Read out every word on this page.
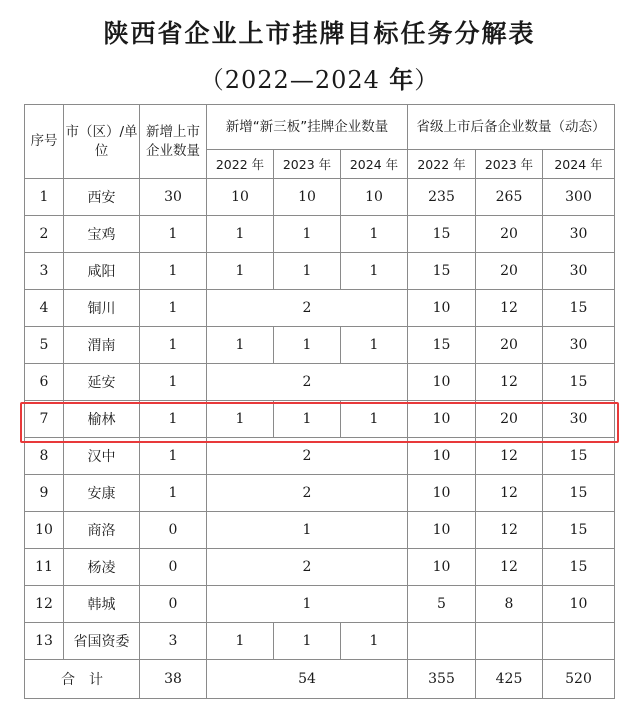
陕西省企业上市挂牌目标任务分解表
（2022—2024 年）
序号	市（区）/单位	新增上市企业数量	新增“新三板”挂牌企业数量			省级上市后备企业数量（动态）		
			2022 年	2023 年	2024 年	2022 年	2023 年	2024 年
1	西安	30	10	10	10	235	265	300
2	宝鸡	1	1	1	1	15	20	30
3	咸阳	1	1	1	1	15	20	30
4	铜川	1	2			10	12	15
5	渭南	1	1	1	1	15	20	30
6	延安	1	2			10	12	15
7	榆林	1	1	1	1	10	20	30
8	汉中	1	2			10	12	15
9	安康	1	2			10	12	15
10	商洛	0	1			10	12	15
11	杨凌	0	2			10	12	15
12	韩城	0	1			5	8	10
13	省国资委	3	1	1	1			
合　计		38	54			355	425	520
